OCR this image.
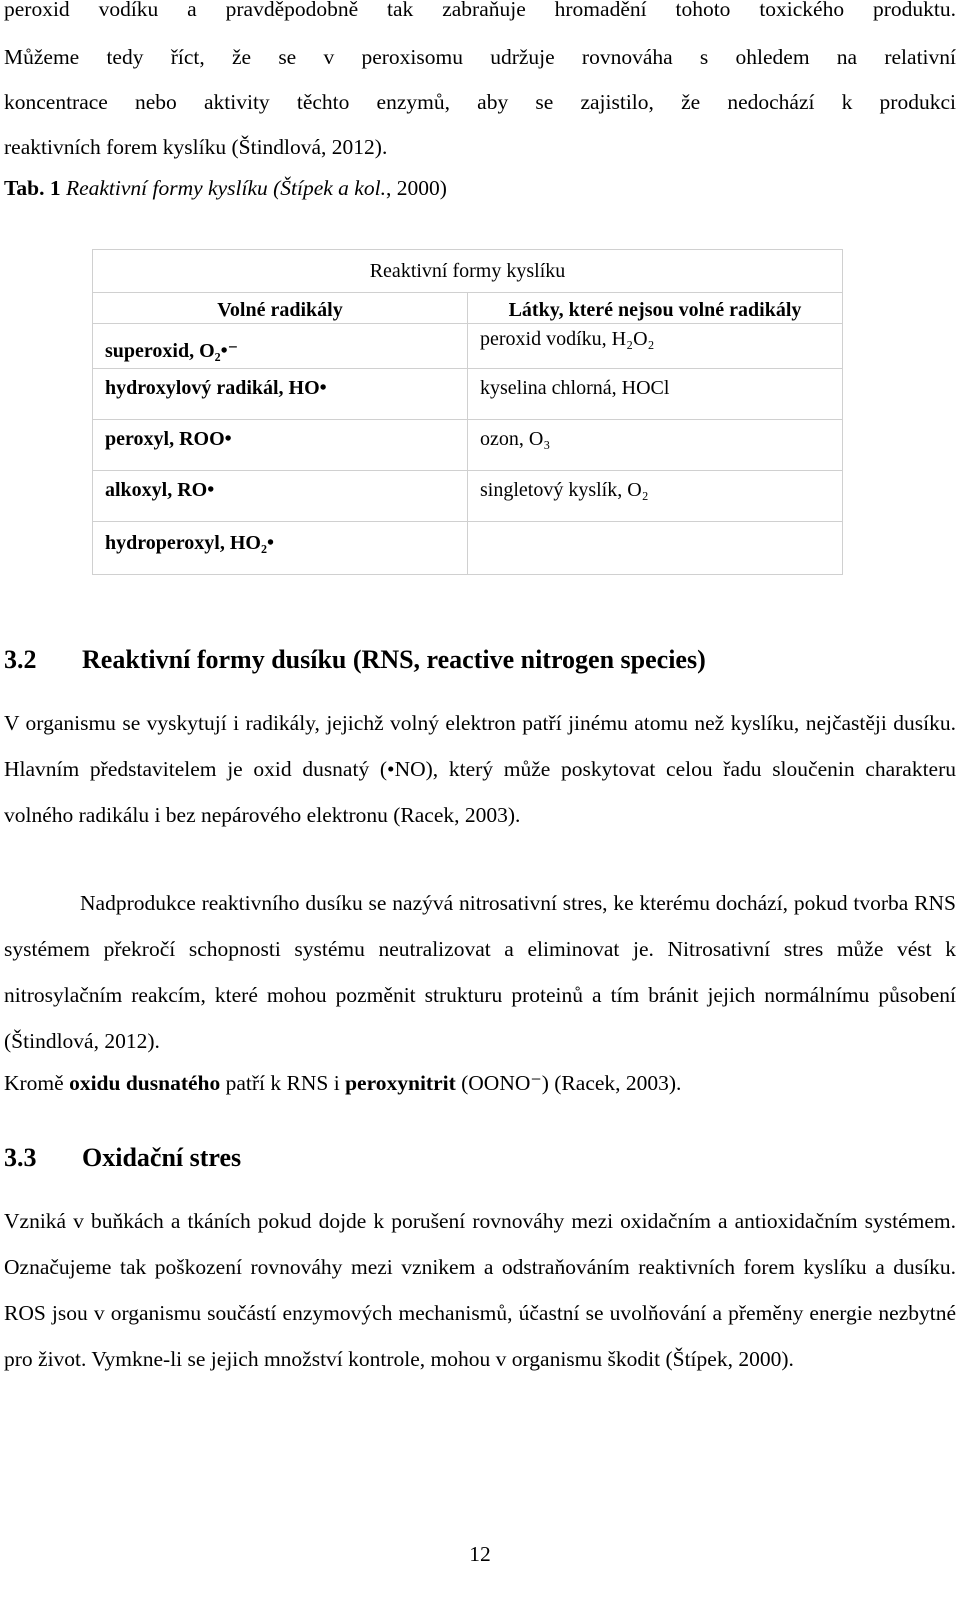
peroxid vodíku a pravděpodobně tak zabraňuje hromadění tohoto toxického produktu.
Můžeme tedy říct, že se v peroxisomu udržuje rovnováha s ohledem na relativní
koncentrace nebo aktivity těchto enzymů, aby se zajistilo, že nedochází k produkci
reaktivních forem kyslíku (Štindlová, 2012).
Tab. 1 Reaktivní formy kyslíku (Štípek a kol., 2000)
Reaktivní formy kyslíku	
Volné radikály	Látky, které nejsou volné radikály
superoxid, O₂•⁻	peroxid vodíku, H₂O₂
hydroxylový radikál, HO•	kyselina chlorná, HOCl
peroxyl, ROO•	ozon, O₃
alkoxyl, RO•	singletový kyslík, O₂
hydroperoxyl, HO₂•	
3.2 Reaktivní formy dusíku (RNS, reactive nitrogen species)

V organismu se vyskytují i radikály, jejichž volný elektron patří jinému atomu než kyslíku, nejčastěji dusíku. Hlavním představitelem je oxid dusnatý (•NO), který může poskytovat celou řadu sloučenin charakteru volného radikálu i bez nepárového elektronu (Racek, 2003).

Nadprodukce reaktivního dusíku se nazývá nitrosativní stres, ke kterému dochází, pokud tvorba RNS systémem překročí schopnosti systému neutralizovat a eliminovat je. Nitrosativní stres může vést k nitrosylačním reakcím, které mohou pozměnit strukturu proteinů a tím bránit jejich normálnímu působení (Štindlová, 2012).

Kromě oxidu dusnatého patří k RNS i peroxynitrit (OONO⁻) (Racek, 2003).
3.3 Oxidační stres

Vzniká v buňkách a tkáních pokud dojde k porušení rovnováhy mezi oxidačním a antioxidačním systémem. Označujeme tak poškození rovnováhy mezi vznikem a odstraňováním reaktivních forem kyslíku a dusíku. ROS jsou v organismu součástí enzymových mechanismů, účastní se uvolňování a přeměny energie nezbytné pro život. Vymkne-li se jejich množství kontrole, mohou v organismu škodit (Štípek, 2000).

12
